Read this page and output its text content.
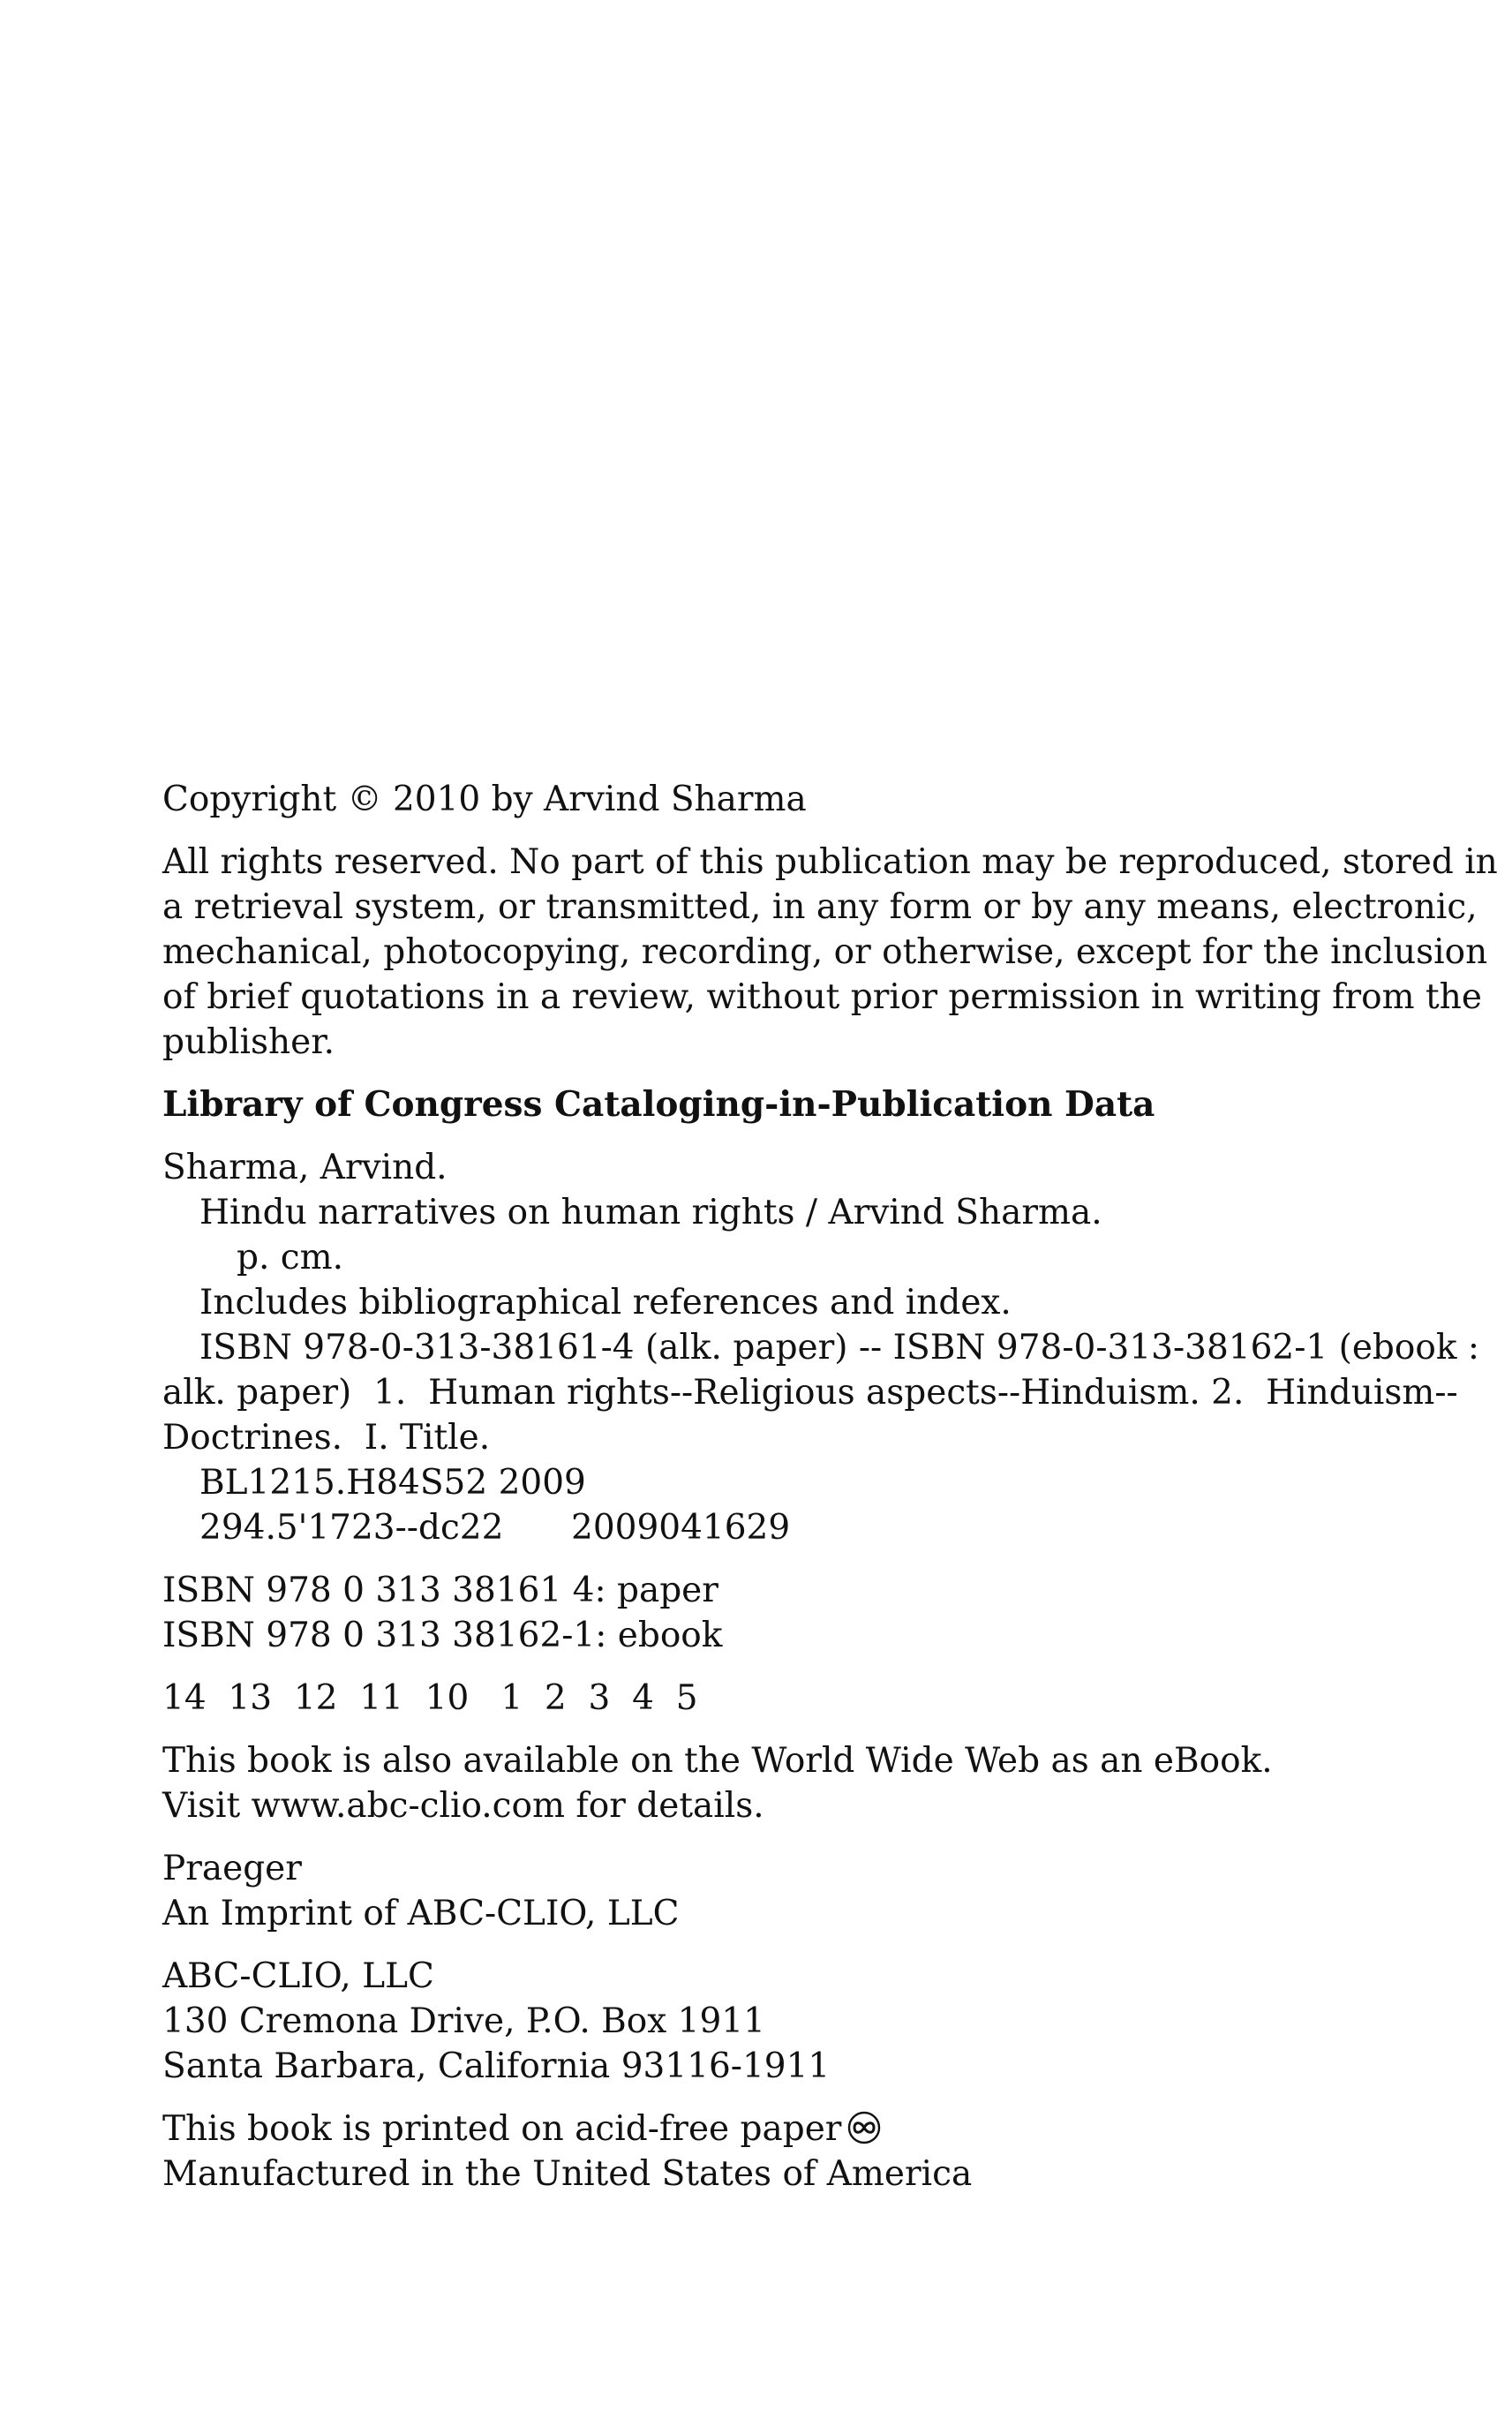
Copyright © 2010 by Arvind Sharma
All rights reserved. No part of this publication may be reproduced, stored in
a retrieval system, or transmitted, in any form or by any means, electronic,
mechanical, photocopying, recording, or otherwise, except for the inclusion
of brief quotations in a review, without prior permission in writing from the
publisher.
Library of Congress Cataloging-in-Publication Data
Sharma, Arvind.
Hindu narratives on human rights / Arvind Sharma.
p. cm.
Includes bibliographical references and index.
ISBN 978-0-313-38161-4 (alk. paper) -- ISBN 978-0-313-38162-1 (ebook :
alk. paper)  1.  Human rights--Religious aspects--Hinduism. 2.  Hinduism--
Doctrines.  I. Title.
BL1215.H84S52 2009
294.5'1723--dc22 2009041629
ISBN 978 0 313 38161 4: paper
ISBN 978 0 313 38162-1: ebook
14  13  12  11  10 1  2  3  4  5
This book is also available on the World Wide Web as an eBook.
Visit www.abc-clio.com for details.
Praeger
An Imprint of ABC-CLIO, LLC
ABC-CLIO, LLC
130 Cremona Drive, P.O. Box 1911
Santa Barbara, California 93116-1911
This book is printed on acid-free paper
Manufactured in the United States of America
